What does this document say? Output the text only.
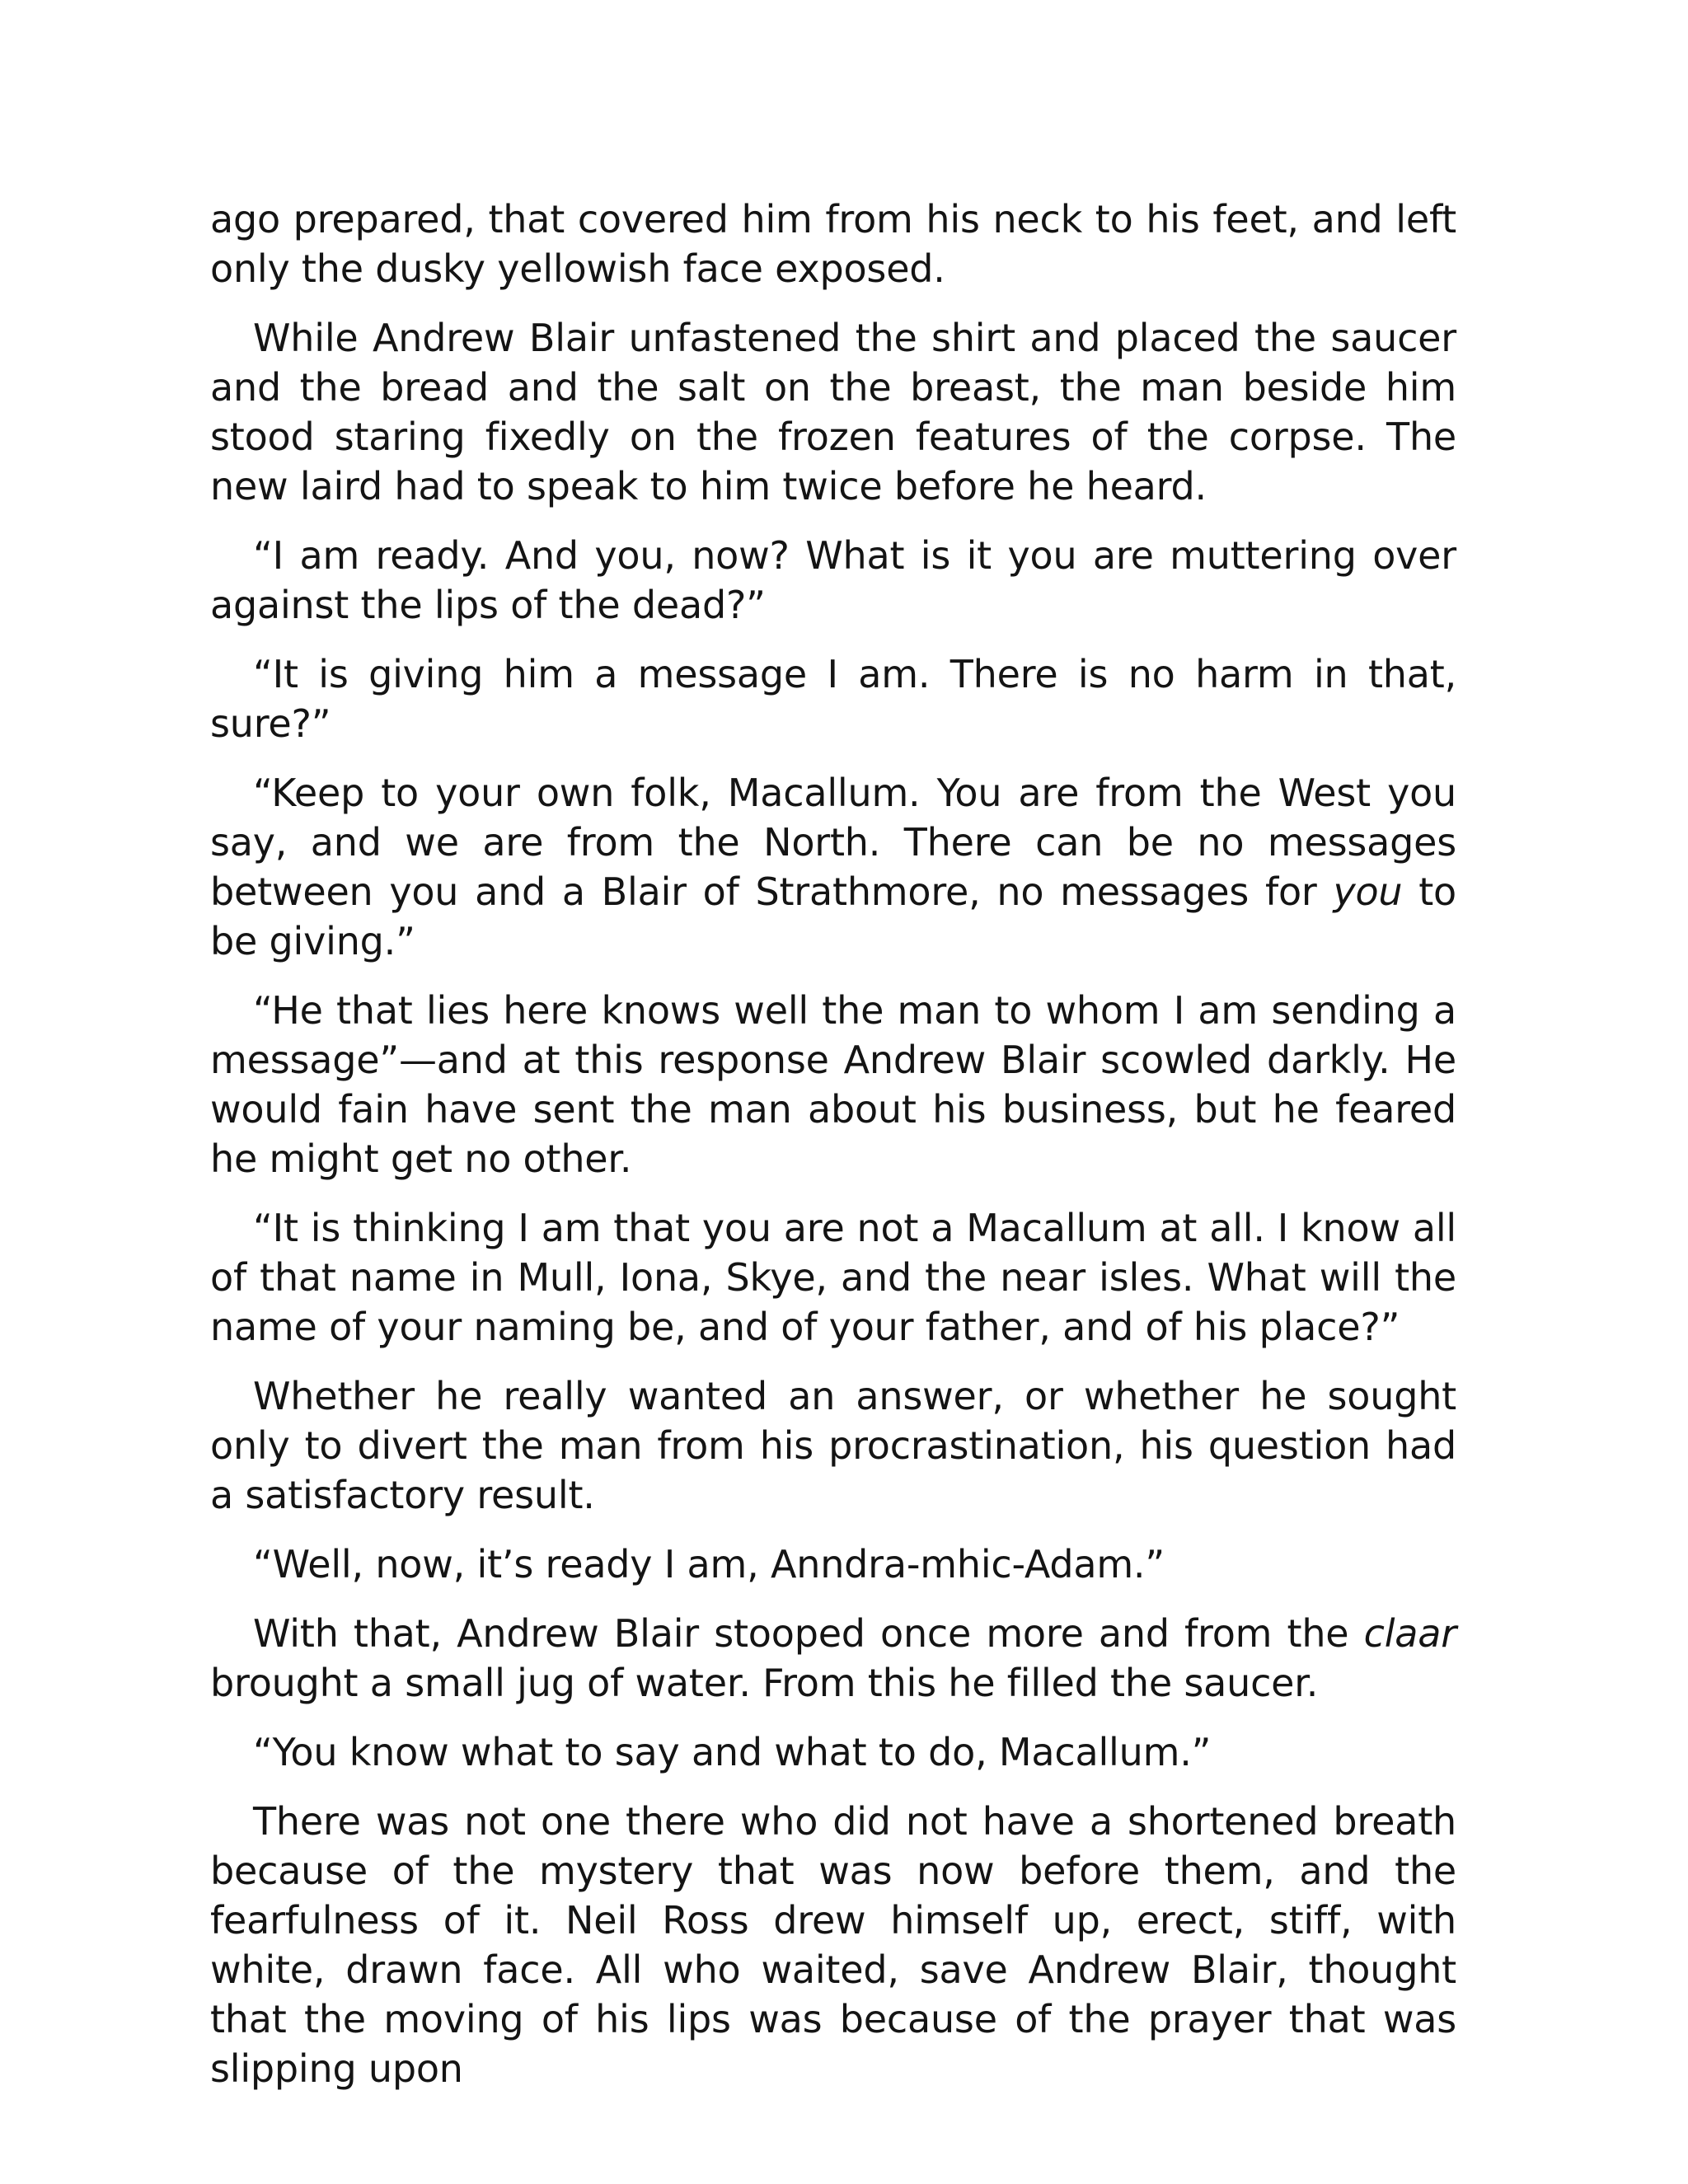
ago prepared, that covered him from his neck to his feet, and left only the dusky yellowish face exposed.

While Andrew Blair unfastened the shirt and placed the saucer and the bread and the salt on the breast, the man beside him stood staring fixedly on the frozen features of the corpse. The new laird had to speak to him twice before he heard.

“I am ready. And you, now? What is it you are muttering over against the lips of the dead?”

“It is giving him a message I am. There is no harm in that, sure?”

“Keep to your own folk, Macallum. You are from the West you say, and we are from the North. There can be no messages between you and a Blair of Strathmore, no messages for you to be giving.”

“He that lies here knows well the man to whom I am sending a message”—and at this response Andrew Blair scowled darkly. He would fain have sent the man about his business, but he feared he might get no other.

“It is thinking I am that you are not a Macallum at all. I know all of that name in Mull, Iona, Skye, and the near isles. What will the name of your naming be, and of your father, and of his place?”

Whether he really wanted an answer, or whether he sought only to divert the man from his procrastination, his question had a satisfactory result.

“Well, now, it’s ready I am, Anndra-mhic-Adam.”

With that, Andrew Blair stooped once more and from the claar brought a small jug of water. From this he filled the saucer.

“You know what to say and what to do, Macallum.”

There was not one there who did not have a shortened breath because of the mystery that was now before them, and the fearfulness of it. Neil Ross drew himself up, erect, stiff, with white, drawn face. All who waited, save Andrew Blair, thought that the moving of his lips was because of the prayer that was slipping upon
